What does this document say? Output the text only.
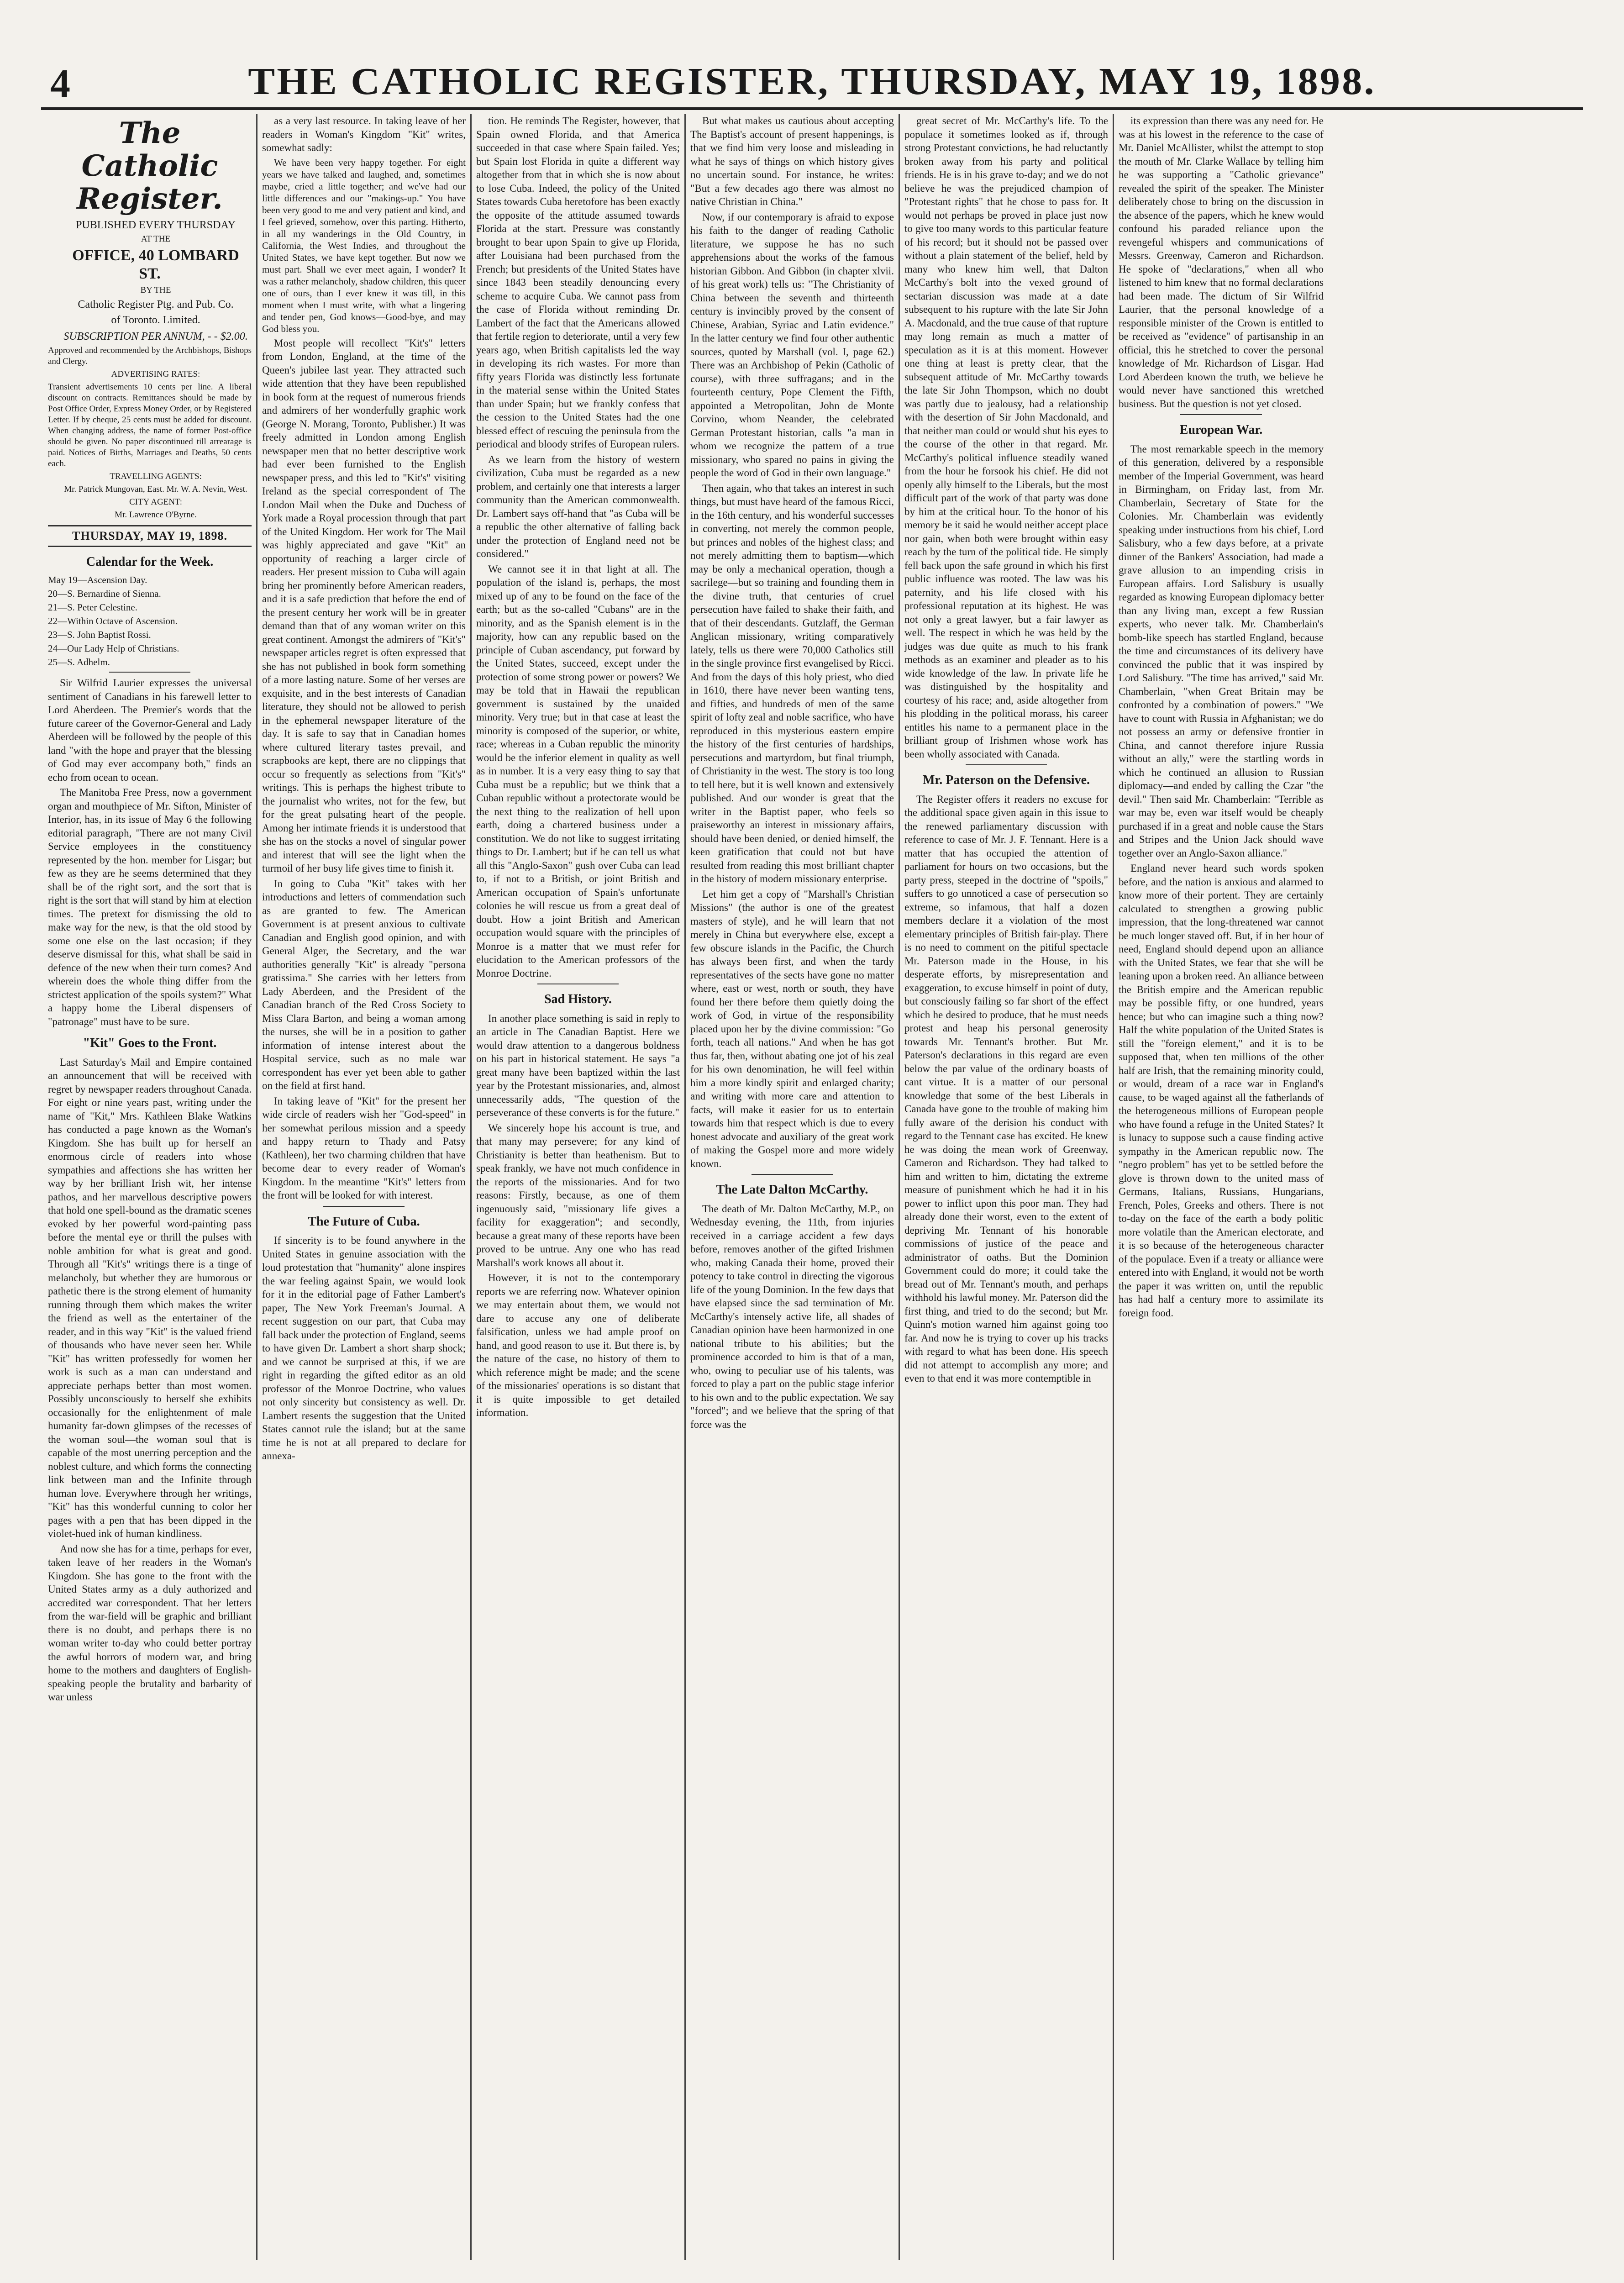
4	THE CATHOLIC REGISTER, THURSDAY, MAY 19, 1898.
The Catholic Register.

PUBLISHED EVERY THURSDAY

AT THE

OFFICE, 40 LOMBARD ST.

BY THE

Catholic Register Ptg. and Pub. Co.

of Toronto. Limited.

SUBSCRIPTION PER ANNUM, - - $2.00.

Approved and recommended by the Archbishops, Bishops and Clergy.

ADVERTISING RATES:

Transient advertisements 10 cents per line. A liberal discount on contracts. Remittances should be made by Post Office Order, Express Money Order, or by Registered Letter. If by cheque, 25 cents must be added for discount. When changing address, the name of former Post-office should be given. No paper discontinued till arrearage is paid. Notices of Births, Marriages and Deaths, 50 cents each.

TRAVELLING AGENTS:

Mr. Patrick Mungovan, East. Mr. W. A. Nevin, West.

CITY AGENT:

Mr. Lawrence O'Byrne.

THURSDAY, MAY 19, 1898.
Calendar for the Week.

May 19—Ascension Day.

20—S. Bernardine of Sienna.

21—S. Peter Celestine.

22—Within Octave of Ascension.

23—S. John Baptist Rossi.

24—Our Lady Help of Christians.

25—S. Adhelm.

Sir Wilfrid Laurier expresses the universal sentiment of Canadians in his farewell letter to Lord Aberdeen. The Premier's words that the future career of the Governor-General and Lady Aberdeen will be followed by the people of this land "with the hope and prayer that the blessing of God may ever accompany both," finds an echo from ocean to ocean.

The Manitoba Free Press, now a government organ and mouthpiece of Mr. Sifton, Minister of Interior, has, in its issue of May 6 the following editorial paragraph, "There are not many Civil Service employees in the constituency represented by the hon. member for Lisgar; but few as they are he seems determined that they shall be of the right sort, and the sort that is right is the sort that will stand by him at election times. The pretext for dismissing the old to make way for the new, is that the old stood by some one else on the last occasion; if they deserve dismissal for this, what shall be said in defence of the new when their turn comes? And wherein does the whole thing differ from the strictest application of the spoils system?" What a happy home the Liberal dispensers of "patronage" must have to be sure.

"Kit" Goes to the Front.

Last Saturday's Mail and Empire contained an announcement that will be received with regret by newspaper readers throughout Canada. For eight or nine years past, writing under the name of "Kit," Mrs. Kathleen Blake Watkins has conducted a page known as the Woman's Kingdom. She has built up for herself an enormous circle of readers into whose sympathies and affections she has written her way by her brilliant Irish wit, her intense pathos, and her marvellous descriptive powers that hold one spell-bound as the dramatic scenes evoked by her powerful word-painting pass before the mental eye or thrill the pulses with noble ambition for what is great and good. Through all "Kit's" writings there is a tinge of melancholy, but whether they are humorous or pathetic there is the strong element of humanity running through them which makes the writer the friend as well as the entertainer of the reader, and in this way "Kit" is the valued friend of thousands who have never seen her. While "Kit" has written professedly for women her work is such as a man can understand and appreciate perhaps better than most women. Possibly unconsciously to herself she exhibits occasionally for the enlightenment of male humanity far-down glimpses of the recesses of the woman soul—the woman soul that is capable of the most unerring perception and the noblest culture, and which forms the connecting link between man and the Infinite through human love. Everywhere through her writings, "Kit" has this wonderful cunning to color her pages with a pen that has been dipped in the violet-hued ink of human kindliness.

And now she has for a time, perhaps for ever, taken leave of her readers in the Woman's Kingdom. She has gone to the front with the United States army as a duly authorized and accredited war correspondent. That her letters from the war-field will be graphic and brilliant there is no doubt, and perhaps there is no woman writer to-day who could better portray the awful horrors of modern war, and bring home to the mothers and daughters of English-speaking people the brutality and barbarity of war unless

as a very last resource. In taking leave of her readers in Woman's Kingdom "Kit" writes, somewhat sadly:

We have been very happy together. For eight years we have talked and laughed, and, sometimes maybe, cried a little together; and we've had our little differences and our "makings-up." You have been very good to me and very patient and kind, and I feel grieved, somehow, over this parting. Hitherto, in all my wanderings in the Old Country, in California, the West Indies, and throughout the United States, we have kept together. But now we must part. Shall we ever meet again, I wonder? It was a rather melancholy, shadow children, this queer one of ours, than I ever knew it was till, in this moment when I must write, with what a lingering and tender pen, God knows—Good-bye, and may God bless you.

Most people will recollect "Kit's" letters from London, England, at the time of the Queen's jubilee last year. They attracted such wide attention that they have been republished in book form at the request of numerous friends and admirers of her wonderfully graphic work (George N. Morang, Toronto, Publisher.) It was freely admitted in London among English newspaper men that no better descriptive work had ever been furnished to the English newspaper press, and this led to "Kit's" visiting Ireland as the special correspondent of The London Mail when the Duke and Duchess of York made a Royal procession through that part of the United Kingdom. Her work for The Mail was highly appreciated and gave "Kit" an opportunity of reaching a larger circle of readers. Her present mission to Cuba will again bring her prominently before American readers, and it is a safe prediction that before the end of the present century her work will be in greater demand than that of any woman writer on this great continent. Amongst the admirers of "Kit's" newspaper articles regret is often expressed that she has not published in book form something of a more lasting nature. Some of her verses are exquisite, and in the best interests of Canadian literature, they should not be allowed to perish in the ephemeral newspaper literature of the day. It is safe to say that in Canadian homes where cultured literary tastes prevail, and scrapbooks are kept, there are no clippings that occur so frequently as selections from "Kit's" writings. This is perhaps the highest tribute to the journalist who writes, not for the few, but for the great pulsating heart of the people. Among her intimate friends it is understood that she has on the stocks a novel of singular power and interest that will see the light when the turmoil of her busy life gives time to finish it.

In going to Cuba "Kit" takes with her introductions and letters of commendation such as are granted to few. The American Government is at present anxious to cultivate Canadian and English good opinion, and with General Alger, the Secretary, and the war authorities generally "Kit" is already "persona gratissima." She carries with her letters from Lady Aberdeen, and the President of the Canadian branch of the Red Cross Society to Miss Clara Barton, and being a woman among the nurses, she will be in a position to gather information of intense interest about the Hospital service, such as no male war correspondent has ever yet been able to gather on the field at first hand.

In taking leave of "Kit" for the present her wide circle of readers wish her "God-speed" in her somewhat perilous mission and a speedy and happy return to Thady and Patsy (Kathleen), her two charming children that have become dear to every reader of Woman's Kingdom. In the meantime "Kit's" letters from the front will be looked for with interest.

The Future of Cuba.

If sincerity is to be found anywhere in the United States in genuine association with the loud protestation that "humanity" alone inspires the war feeling against Spain, we would look for it in the editorial page of Father Lambert's paper, The New York Freeman's Journal. A recent suggestion on our part, that Cuba may fall back under the protection of England, seems to have given Dr. Lambert a short sharp shock; and we cannot be surprised at this, if we are right in regarding the gifted editor as an old professor of the Monroe Doctrine, who values not only sincerity but consistency as well. Dr. Lambert resents the suggestion that the United States cannot rule the island; but at the same time he is not at all prepared to declare for annexa-

tion. He reminds The Register, however, that Spain owned Florida, and that America succeeded in that case where Spain failed. Yes; but Spain lost Florida in quite a different way altogether from that in which she is now about to lose Cuba. Indeed, the policy of the United States towards Cuba heretofore has been exactly the opposite of the attitude assumed towards Florida at the start. Pressure was constantly brought to bear upon Spain to give up Florida, after Louisiana had been purchased from the French; but presidents of the United States have since 1843 been steadily denouncing every scheme to acquire Cuba. We cannot pass from the case of Florida without reminding Dr. Lambert of the fact that the Americans allowed that fertile region to deteriorate, until a very few years ago, when British capitalists led the way in developing its rich wastes. For more than fifty years Florida was distinctly less fortunate in the material sense within the United States than under Spain; but we frankly confess that the cession to the United States had the one blessed effect of rescuing the peninsula from the periodical and bloody strifes of European rulers.

As we learn from the history of western civilization, Cuba must be regarded as a new problem, and certainly one that interests a larger community than the American commonwealth. Dr. Lambert says off-hand that "as Cuba will be a republic the other alternative of falling back under the protection of England need not be considered."

We cannot see it in that light at all. The population of the island is, perhaps, the most mixed up of any to be found on the face of the earth; but as the so-called "Cubans" are in the minority, and as the Spanish element is in the majority, how can any republic based on the principle of Cuban ascendancy, put forward by the United States, succeed, except under the protection of some strong power or powers? We may be told that in Hawaii the republican government is sustained by the unaided minority. Very true; but in that case at least the minority is composed of the superior, or white, race; whereas in a Cuban republic the minority would be the inferior element in quality as well as in number. It is a very easy thing to say that Cuba must be a republic; but we think that a Cuban republic without a protectorate would be the next thing to the realization of hell upon earth, doing a chartered business under a constitution. We do not like to suggest irritating things to Dr. Lambert; but if he can tell us what all this "Anglo-Saxon" gush over Cuba can lead to, if not to a British, or joint British and American occupation of Spain's unfortunate colonies he will rescue us from a great deal of doubt. How a joint British and American occupation would square with the principles of Monroe is a matter that we must refer for elucidation to the American professors of the Monroe Doctrine.

Sad History.

In another place something is said in reply to an article in The Canadian Baptist. Here we would draw attention to a dangerous boldness on his part in historical statement. He says "a great many have been baptized within the last year by the Protestant missionaries, and, almost unnecessarily adds, "The question of the perseverance of these converts is for the future."

We sincerely hope his account is true, and that many may persevere; for any kind of Christianity is better than heathenism. But to speak frankly, we have not much confidence in the reports of the missionaries. And for two reasons: Firstly, because, as one of them ingenuously said, "missionary life gives a facility for exaggeration"; and secondly, because a great many of these reports have been proved to be untrue. Any one who has read Marshall's work knows all about it.

However, it is not to the contemporary reports we are referring now. Whatever opinion we may entertain about them, we would not dare to accuse any one of deliberate falsification, unless we had ample proof on hand, and good reason to use it. But there is, by the nature of the case, no history of them to which reference might be made; and the scene of the missionaries' operations is so distant that it is quite impossible to get detailed information.

But what makes us cautious about accepting The Baptist's account of present happenings, is that we find him very loose and misleading in what he says of things on which history gives no uncertain sound. For instance, he writes: "But a few decades ago there was almost no native Christian in China."

Now, if our contemporary is afraid to expose his faith to the danger of reading Catholic literature, we suppose he has no such apprehensions about the works of the famous historian Gibbon. And Gibbon (in chapter xlvii. of his great work) tells us: "The Christianity of China between the seventh and thirteenth century is invincibly proved by the consent of Chinese, Arabian, Syriac and Latin evidence." In the latter century we find four other authentic sources, quoted by Marshall (vol. I, page 62.) There was an Archbishop of Pekin (Catholic of course), with three suffragans; and in the fourteenth century, Pope Clement the Fifth, appointed a Metropolitan, John de Monte Corvino, whom Neander, the celebrated German Protestant historian, calls "a man in whom we recognize the pattern of a true missionary, who spared no pains in giving the people the word of God in their own language."

Then again, who that takes an interest in such things, but must have heard of the famous Ricci, in the 16th century, and his wonderful successes in converting, not merely the common people, but princes and nobles of the highest class; and not merely admitting them to baptism—which may be only a mechanical operation, though a sacrilege—but so training and founding them in the divine truth, that centuries of cruel persecution have failed to shake their faith, and that of their descendants. Gutzlaff, the German Anglican missionary, writing comparatively lately, tells us there were 70,000 Catholics still in the single province first evangelised by Ricci. And from the days of this holy priest, who died in 1610, there have never been wanting tens, and fifties, and hundreds of men of the same spirit of lofty zeal and noble sacrifice, who have reproduced in this mysterious eastern empire the history of the first centuries of hardships, persecutions and martyrdom, but final triumph, of Christianity in the west. The story is too long to tell here, but it is well known and extensively published. And our wonder is great that the writer in the Baptist paper, who feels so praiseworthy an interest in missionary affairs, should have been denied, or denied himself, the keen gratification that could not but have resulted from reading this most brilliant chapter in the history of modern missionary enterprise.

Let him get a copy of "Marshall's Christian Missions" (the author is one of the greatest masters of style), and he will learn that not merely in China but everywhere else, except a few obscure islands in the Pacific, the Church has always been first, and when the tardy representatives of the sects have gone no matter where, east or west, north or south, they have found her there before them quietly doing the work of God, in virtue of the responsibility placed upon her by the divine commission: "Go forth, teach all nations." And when he has got thus far, then, without abating one jot of his zeal for his own denomination, he will feel within him a more kindly spirit and enlarged charity; and writing with more care and attention to facts, will make it easier for us to entertain towards him that respect which is due to every honest advocate and auxiliary of the great work of making the Gospel more and more widely known.

The Late Dalton McCarthy.

The death of Mr. Dalton McCarthy, M.P., on Wednesday evening, the 11th, from injuries received in a carriage accident a few days before, removes another of the gifted Irishmen who, making Canada their home, proved their potency to take control in directing the vigorous life of the young Dominion. In the few days that have elapsed since the sad termination of Mr. McCarthy's intensely active life, all shades of Canadian opinion have been harmonized in one national tribute to his abilities; but the prominence accorded to him is that of a man, who, owing to peculiar use of his talents, was forced to play a part on the public stage inferior to his own and to the public expectation. We say "forced"; and we believe that the spring of that force was the

great secret of Mr. McCarthy's life. To the populace it sometimes looked as if, through strong Protestant convictions, he had reluctantly broken away from his party and political friends. He is in his grave to-day; and we do not believe he was the prejudiced champion of "Protestant rights" that he chose to pass for. It would not perhaps be proved in place just now to give too many words to this particular feature of his record; but it should not be passed over without a plain statement of the belief, held by many who knew him well, that Dalton McCarthy's bolt into the vexed ground of sectarian discussion was made at a date subsequent to his rupture with the late Sir John A. Macdonald, and the true cause of that rupture may long remain as much a matter of speculation as it is at this moment. However one thing at least is pretty clear, that the subsequent attitude of Mr. McCarthy towards the late Sir John Thompson, which no doubt was partly due to jealousy, had a relationship with the desertion of Sir John Macdonald, and that neither man could or would shut his eyes to the course of the other in that regard. Mr. McCarthy's political influence steadily waned from the hour he forsook his chief. He did not openly ally himself to the Liberals, but the most difficult part of the work of that party was done by him at the critical hour. To the honor of his memory be it said he would neither accept place nor gain, when both were brought within easy reach by the turn of the political tide. He simply fell back upon the safe ground in which his first public influence was rooted. The law was his paternity, and his life closed with his professional reputation at its highest. He was not only a great lawyer, but a fair lawyer as well. The respect in which he was held by the judges was due quite as much to his frank methods as an examiner and pleader as to his wide knowledge of the law. In private life he was distinguished by the hospitality and courtesy of his race; and, aside altogether from his plodding in the political morass, his career entitles his name to a permanent place in the brilliant group of Irishmen whose work has been wholly associated with Canada.

Mr. Paterson on the Defensive.

The Register offers it readers no excuse for the additional space given again in this issue to the renewed parliamentary discussion with reference to case of Mr. J. F. Tennant. Here is a matter that has occupied the attention of parliament for hours on two occasions, but the party press, steeped in the doctrine of "spoils," suffers to go unnoticed a case of persecution so extreme, so infamous, that half a dozen members declare it a violation of the most elementary principles of British fair-play. There is no need to comment on the pitiful spectacle Mr. Paterson made in the House, in his desperate efforts, by misrepresentation and exaggeration, to excuse himself in point of duty, but consciously failing so far short of the effect which he desired to produce, that he must needs protest and heap his personal generosity towards Mr. Tennant's brother. But Mr. Paterson's declarations in this regard are even below the par value of the ordinary boasts of cant virtue. It is a matter of our personal knowledge that some of the best Liberals in Canada have gone to the trouble of making him fully aware of the derision his conduct with regard to the Tennant case has excited. He knew he was doing the mean work of Greenway, Cameron and Richardson. They had talked to him and written to him, dictating the extreme measure of punishment which he had it in his power to inflict upon this poor man. They had already done their worst, even to the extent of depriving Mr. Tennant of his honorable commissions of justice of the peace and administrator of oaths. But the Dominion Government could do more; it could take the bread out of Mr. Tennant's mouth, and perhaps withhold his lawful money. Mr. Paterson did the first thing, and tried to do the second; but Mr. Quinn's motion warned him against going too far. And now he is trying to cover up his tracks with regard to what has been done. His speech did not attempt to accomplish any more; and even to that end it was more contemptible in

its expression than there was any need for. He was at his lowest in the reference to the case of Mr. Daniel McAllister, whilst the attempt to stop the mouth of Mr. Clarke Wallace by telling him he was supporting a "Catholic grievance" revealed the spirit of the speaker. The Minister deliberately chose to bring on the discussion in the absence of the papers, which he knew would confound his paraded reliance upon the revengeful whispers and communications of Messrs. Greenway, Cameron and Richardson. He spoke of "declarations," when all who listened to him knew that no formal declarations had been made. The dictum of Sir Wilfrid Laurier, that the personal knowledge of a responsible minister of the Crown is entitled to be received as "evidence" of partisanship in an official, this he stretched to cover the personal knowledge of Mr. Richardson of Lisgar. Had Lord Aberdeen known the truth, we believe he would never have sanctioned this wretched business. But the question is not yet closed.

European War.

The most remarkable speech in the memory of this generation, delivered by a responsible member of the Imperial Government, was heard in Birmingham, on Friday last, from Mr. Chamberlain, Secretary of State for the Colonies. Mr. Chamberlain was evidently speaking under instructions from his chief, Lord Salisbury, who a few days before, at a private dinner of the Bankers' Association, had made a grave allusion to an impending crisis in European affairs. Lord Salisbury is usually regarded as knowing European diplomacy better than any living man, except a few Russian experts, who never talk. Mr. Chamberlain's bomb-like speech has startled England, because the time and circumstances of its delivery have convinced the public that it was inspired by Lord Salisbury. "The time has arrived," said Mr. Chamberlain, "when Great Britain may be confronted by a combination of powers." "We have to count with Russia in Afghanistan; we do not possess an army or defensive frontier in China, and cannot therefore injure Russia without an ally," were the startling words in which he continued an allusion to Russian diplomacy—and ended by calling the Czar "the devil." Then said Mr. Chamberlain: "Terrible as war may be, even war itself would be cheaply purchased if in a great and noble cause the Stars and Stripes and the Union Jack should wave together over an Anglo-Saxon alliance."

England never heard such words spoken before, and the nation is anxious and alarmed to know more of their portent. They are certainly calculated to strengthen a growing public impression, that the long-threatened war cannot be much longer staved off. But, if in her hour of need, England should depend upon an alliance with the United States, we fear that she will be leaning upon a broken reed. An alliance between the British empire and the American republic may be possible fifty, or one hundred, years hence; but who can imagine such a thing now? Half the white population of the United States is still the "foreign element," and it is to be supposed that, when ten millions of the other half are Irish, that the remaining minority could, or would, dream of a race war in England's cause, to be waged against all the fatherlands of the heterogeneous millions of European people who have found a refuge in the United States? It is lunacy to suppose such a cause finding active sympathy in the American republic now. The "negro problem" has yet to be settled before the glove is thrown down to the united mass of Germans, Italians, Russians, Hungarians, French, Poles, Greeks and others. There is not to-day on the face of the earth a body politic more volatile than the American electorate, and it is so because of the heterogeneous character of the populace. Even if a treaty or alliance were entered into with England, it would not be worth the paper it was written on, until the republic has had half a century more to assimilate its foreign food.
